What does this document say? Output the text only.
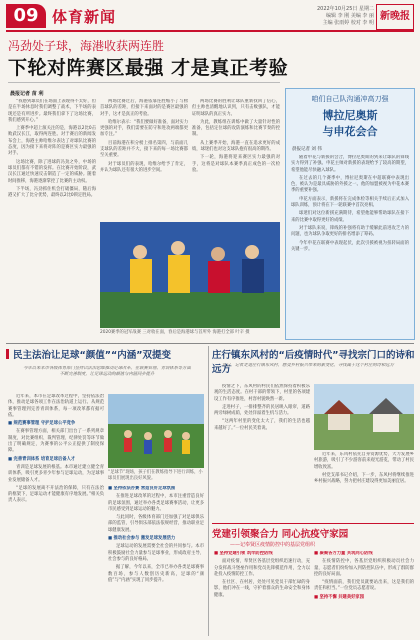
09 体育新闻	2022年10月25日 星期二
编辑 李 刚 美编 李 丽
主编 张雨婷 校对 李 明
新晚报
冯劲处子球，海港收获两连胜
下轮对阵赛区最强 才是真正考验
晨报记者 苗 利

“我感到球员们在场面上表现得不太好，但是在半场休息时我们调整了战术，下半场的表现还是有所进步。最终我们拿下了这场比赛，我们感到开心。”

上赛季中超上演关注的是，海港以2比0击败武汉长江，取得两连胜。对于赛后的新闻发布会上，海港主帅哈维尔表达了对球队比赛的态度，因为接下来将对阵的是赛区实力最强的对手。

这场比赛，除了进球的冯劲之外，中场的球员们都有不错的发挥。在比赛开始阶段，武汉长江通过快速反击制造了一定的威胁。随着时间推移，海港逐渐掌控了比赛的主动权。

下半场，冯劲抓住机会打破僵局，随后海港又扩大了比分优势，最终以2比0锁定胜局。

两场比赛过后，海港依靠连胜缩小了与榜首球队的差距，但接下来面对的是赛区最强的对手，这才是真正的考验。

哈维尔表示：“我们要做好准备，面对实力更强的对手，我们需要在防守和进攻两端都更加专注。”

目前海港在积分榜上排名第四，与前面几支球队的差距并不大，接下来的每一场比赛都至关重要。

对于球员们的表现，哈维尔给予了肯定，并认为球队还有很大的进步空间。

两场比赛的胜利让球队重新找回了信心，但主帅也清醒地认识到，只有击败强队，才能证明球队的真正实力。

为此，教练组在训练中做了大量针对性的准备，包括定位球的攻防演练和比赛节奏的控制。

从上赛季开始，海港一直在追求更好的成绩，球迷们也对这支球队抱有很高的期待。

下一轮，海港将迎来赛区实力最强的对手，这将是对球队本赛季真正成色的一次检验。

2020赛季的冠军战赛 三对收在面，春后是海港球与首所外 海港打全部 叶辛 摄
咱们自己队沟通冲高刀强
博拉尼奥斯
与申花会合
晨报记者 刘 伟

随着申花与新援的会合，博拉尼奥斯的到来让球队的锋线实力得到了补强。申花主帅对新援的表现给予了较高的期望，希望他能尽快融入球队。

在过去的几个赛季中，博拉尼奥斯在中超联赛中表现出色，被认为是最具威胁的外援之一。他的加盟被视为申花本赛季的重要补强。

申花方面表示，新援将在完成体检等相关手续后正式加入球队训练，预计将在下一轮联赛中首次亮相。

球迷们对这位新援充满期待，希望他能够帮助球队在接下来的比赛中取得更好的成绩。

对于球队来说，锋线的补强将有助于缓解此前进攻乏力的问题，也为球队争取更好的排名增添了筹码。

今年申花在联赛中表现起伏，此次引援被视为扭转局面的关键一步。

民主法治让足球“颜值”“内涵”双提变

今年以来本市各级体育部门坚持以法治思维推动足球改革，在联赛管理、青训体系等方面不断完善制度，让足球运动的颜值与内涵同步提升

近年来，本市在足球改革过程中，坚持依法治体，推动足球各项工作在法治轨道上运行。从规范赛事管理到完善青训体系，每一项改革都有据可依。

■ 规范赛事管理 守护足球公平竞争

在赛事管理方面，相关部门出台了一系列规章制度，对比赛组织、裁判管理、纪律处罚等环节做出了明确规定，为赛事的公平公正提供了制度保障。

■ 完善青训体系 培育足球后备人才

青训是足球发展的根基。本市通过建立健全青训体系，吸引更多青少年参与足球运动，为足球事业发展储备人才。

“足球的发展离不开法治的保障，只有在法治的框架下，足球运动才能健康有序地发展。”相关负责人表示。

“足球节”现场，孩子们在教练指导下进行训练，小球员们展现出良好风貌。

■ 坚持依法办赛 营造良好足球氛围

在推进足球改革的过程中，本市注重营造良好的足球氛围，通过举办各类足球赛事活动，让更多市民感受到足球运动的魅力。

与此同时，各级体育部门还加强了对足球俱乐部的监管，引导俱乐部依法依规经营，推动职业足球健康发展。

■ 推动社会参与 激发足球发展活力

足球运动的发展需要全社会的共同参与。本市积极鼓励社会力量参与足球事业，形成政府主导、社会参与的良好格局。

据了解，今年以来，全市已举办各类足球赛事数百场，参与人数创历史新高，足球的“颜值”与“内涵”实现了同步提升。

庄行镇东风村的“后疫情时代”寻找宗门口的诗和远方

近日，记者走进庄行镇东风村，感受乡村振兴带来的新变化，寻找属于这个村庄的诗和远方

疫情之下，东风村的村民们依然保持着积极乐观的生活态度。在村干部的带领下，村里的各项建设工作有序推进，村容村貌焕然一新。

走进村子，一排排整齐的民居映入眼帘，道路两旁绿树成荫，处处洋溢着生机与活力。

“这两年村里的变化太大了，我们的生活也越来越好了。”一位村民笑着说。

近年来，东风村依托自身资源优势，大力发展乡村旅游，吸引了不少游客前来观光游览，带动了村民增收致富。

村党支部书记介绍，下一步，东风村将继续推进乡村振兴战略，努力把村庄建设得更加美丽宜居。

党建引领聚合力 同心抗疫守家园
——记奉贤区疫情防控中的基层党组织

■ 坚持党建引领 筑牢防控防线

面对疫情，奉贤区各基层党组织迅速行动，充分发挥战斗堡垒作用和党员先锋模范作用，全力以赴投入疫情防控工作。

在社区、在村居，处处可见党员干部忙碌的身影，他们冲在一线，守护着群众的生命安全和身体健康。

■ 凝聚各方力量 共筑同心防线

在疫情防控中，各基层党组织积极动员社会力量，志愿者们纷纷加入到防控队伍中，形成了群防群控的良好局面。

“疫情面前，我们党员就要站出来，这是我们的责任和担当。”一位党员志愿者说。

■ 坚持不懈 共建美好家园
